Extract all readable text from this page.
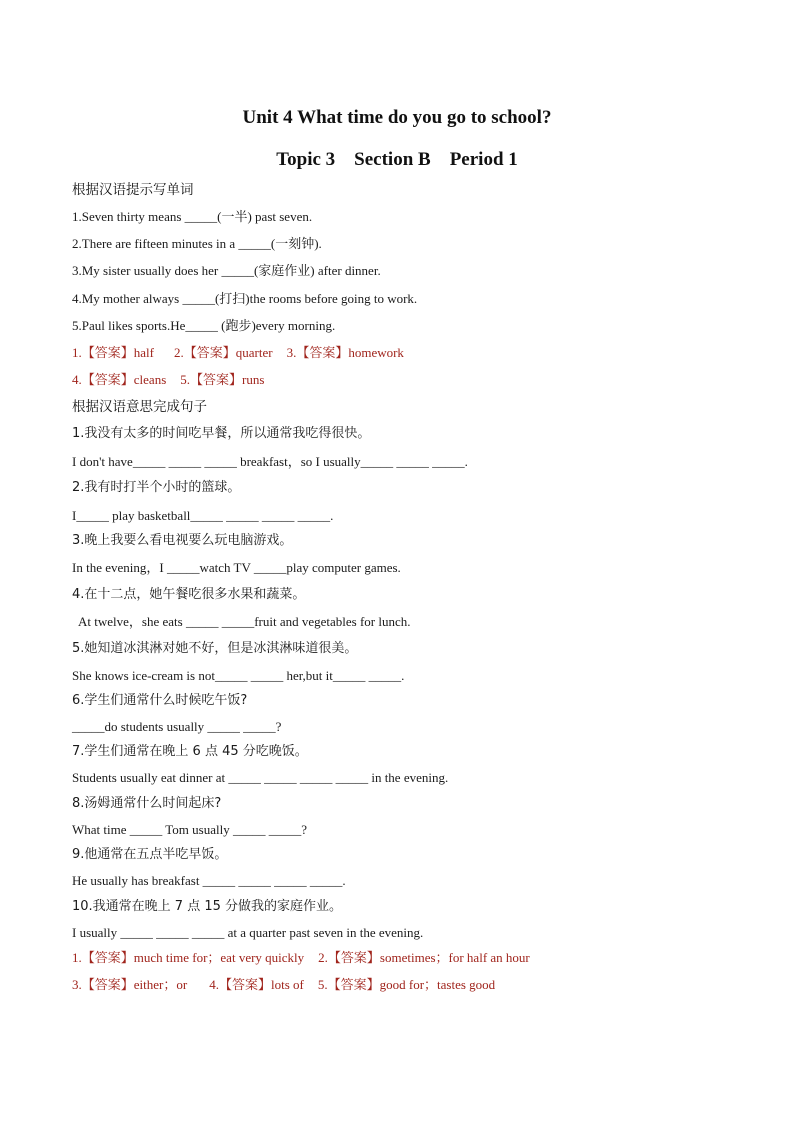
Unit 4 What time do you go to school?
Topic 3    Section B    Period 1
根据汉语提示写单词
1.Seven thirty means _____(一半) past seven.
2.There are fifteen minutes in a _____(一刻钟).
3.My sister usually does her _____(家庭作业) after dinner.
4.My mother always _____(打扫)the rooms before going to work.
5.Paul likes sports.He_____ (跑步)every morning.
1.【答案】half 2.【答案】quarter 3.【答案】homework
4.【答案】cleans 5.【答案】runs
根据汉语意思完成句子
1.我没有太多的时间吃早餐，所以通常我吃得很快。
I don't have_____ _____ _____ breakfast，so I usually_____ _____ _____.
2.我有时打半个小时的篮球。
I_____ play basketball_____ _____ _____ _____.
3.晚上我要么看电视要么玩电脑游戏。
In the evening，I _____watch TV _____play computer games.
4.在十二点，她午餐吃很多水果和蔬菜。
At twelve，she eats _____ _____fruit and vegetables for lunch.
5.她知道冰淇淋对她不好，但是冰淇淋味道很美。
She knows ice-cream is not_____ _____ her,but it_____ _____.
6.学生们通常什么时候吃午饭?
_____do students usually _____ _____?
7.学生们通常在晚上 6 点 45 分吃晚饭。
Students usually eat dinner at _____ _____ _____ _____ in the evening.
8.汤姆通常什么时间起床?
What time _____ Tom usually _____ _____?
9.他通常在五点半吃早饭。
He usually has breakfast _____ _____ _____ _____.
10.我通常在晚上 7 点 15 分做我的家庭作业。
I usually _____ _____ _____ at a quarter past seven in the evening.
1.【答案】much time for；eat very quickly 2.【答案】sometimes；for half an hour
3.【答案】either；or 4.【答案】lots of 5.【答案】good for；tastes good
